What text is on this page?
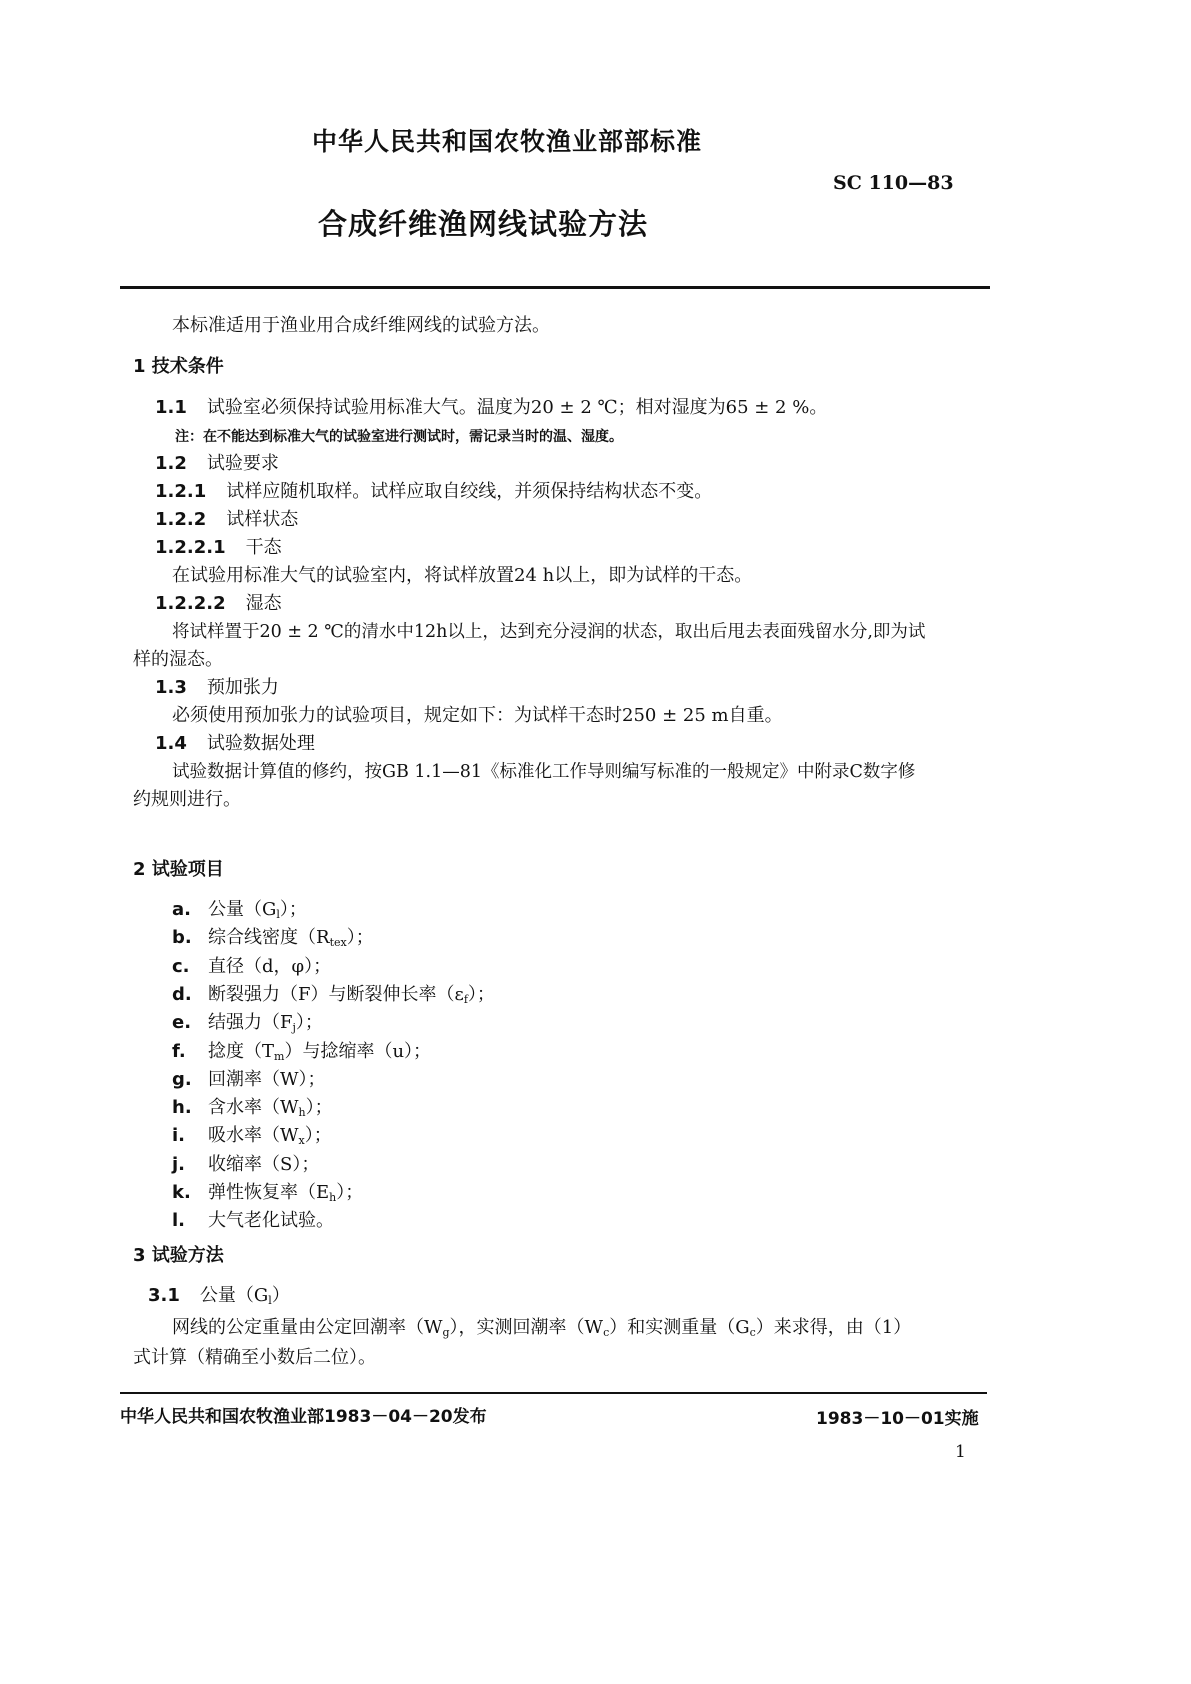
中华人民共和国农牧渔业部部标准
SC 110—83
合成纤维渔网线试验方法
本标准适用于渔业用合成纤维网线的试验方法。
1 技术条件
1.1 试验室必须保持试验用标准大气。温度为20 ± 2 ℃；相对湿度为65 ± 2 %。
注：在不能达到标准大气的试验室进行测试时，需记录当时的温、湿度。
1.2 试验要求
1.2.1 试样应随机取样。试样应取自绞线，并须保持结构状态不变。
1.2.2 试样状态
1.2.2.1 干态
在试验用标准大气的试验室内，将试样放置24 h以上，即为试样的干态。
1.2.2.2 湿态
将试样置于20 ± 2 ℃的清水中12h以上，达到充分浸润的状态，取出后甩去表面残留水分,即为试
样的湿态。
1.3 预加张力
必须使用预加张力的试验项目，规定如下：为试样干态时250 ± 25 m自重。
1.4 试验数据处理
试验数据计算值的修约，按GB 1.1—81《标准化工作导则编写标准的一般规定》中附录C数字修
约规则进行。
2 试验项目
a. 公量$(G_l)$；
b. 综合线密度$(R_{tex})$；
c. 直径（d，φ）；
d. 断裂强力（F）与断裂伸长率$(\varepsilon_f)$；
e. 结强力$(F_j)$；
f. 捻度$(T_m)$与捻缩率（u）；
g. 回潮率（W）；
h. 含水率$(W_h)$；
i. 吸水率$(W_x)$；
j. 收缩率（S）；
k. 弹性恢复率$(E_h)$；
l. 大气老化试验。
3 试验方法
3.1 公量$(G_l)$
网线的公定重量由公定回潮率$(W_g)$，实测回潮率$(W_c)$和实测重量$(G_c)$来求得，由（1）
式计算（精确至小数后二位）。
中华人民共和国农牧渔业部1983－04－20发布	1983－10－01实施
1
